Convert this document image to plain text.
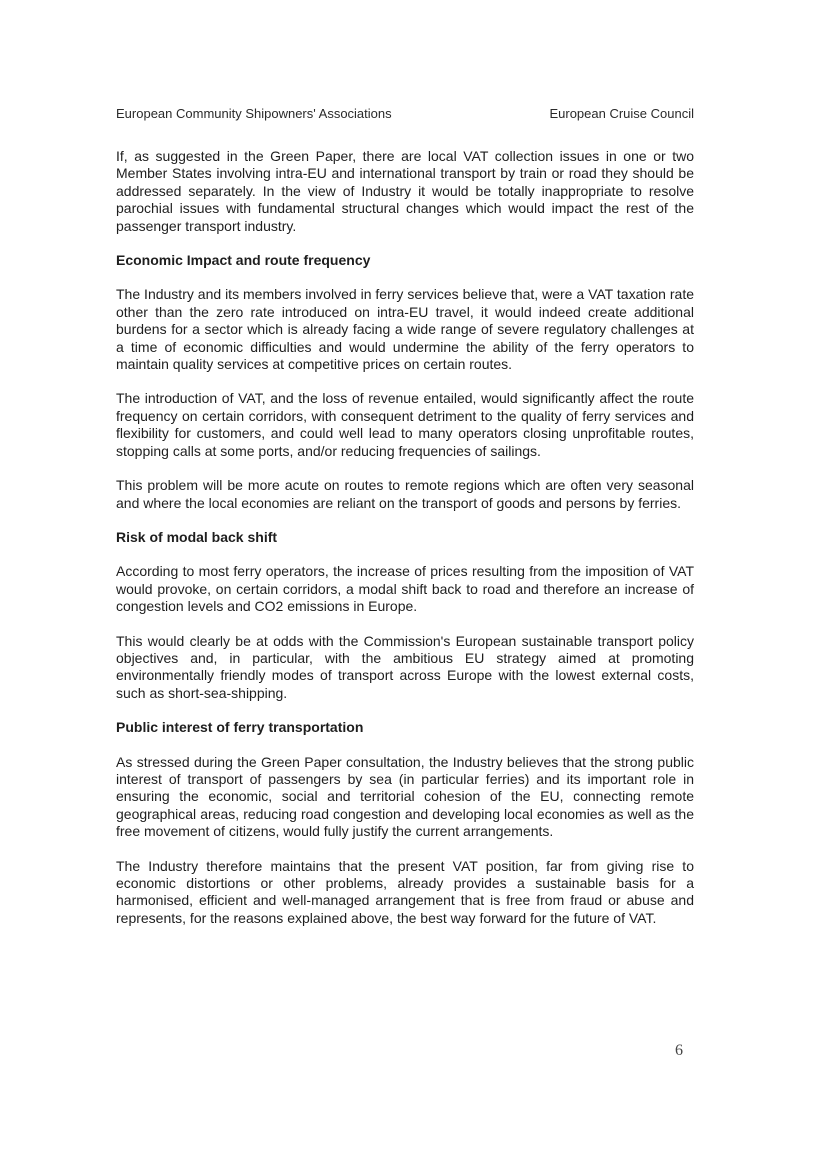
European Community Shipowners' Associations	European Cruise Council

If, as suggested in the Green Paper, there are local VAT collection issues in one or two Member States involving intra-EU and international transport by train or road they should be addressed separately. In the view of Industry it would be totally inappropriate to resolve parochial issues with fundamental structural changes which would impact the rest of the passenger transport industry.

Economic Impact and route frequency

The Industry and its members involved in ferry services believe that, were a VAT taxation rate other than the zero rate introduced on intra-EU travel, it would indeed create additional burdens for a sector which is already facing a wide range of severe regulatory challenges at a time of economic difficulties and would undermine the ability of the ferry operators to maintain quality services at competitive prices on certain routes.

The introduction of VAT, and the loss of revenue entailed, would significantly affect the route frequency on certain corridors, with consequent detriment to the quality of ferry services and flexibility for customers, and could well lead to many operators closing unprofitable routes, stopping calls at some ports, and/or reducing frequencies of sailings.

This problem will be more acute on routes to remote regions which are often very seasonal and where the local economies are reliant on the transport of goods and persons by ferries.

Risk of modal back shift

According to most ferry operators, the increase of prices resulting from the imposition of VAT would provoke, on certain corridors, a modal shift back to road and therefore an increase of congestion levels and CO2 emissions in Europe.

This would clearly be at odds with the Commission's European sustainable transport policy objectives and, in particular, with the ambitious EU strategy aimed at promoting environmentally friendly modes of transport across Europe with the lowest external costs, such as short-sea-shipping.

Public interest of ferry transportation

As stressed during the Green Paper consultation, the Industry believes that the strong public interest of transport of passengers by sea (in particular ferries) and its important role in ensuring the economic, social and territorial cohesion of the EU, connecting remote geographical areas, reducing road congestion and developing local economies as well as the free movement of citizens, would fully justify the current arrangements.

The Industry therefore maintains that the present VAT position, far from giving rise to economic distortions or other problems, already provides a sustainable basis for a harmonised, efficient and well-managed arrangement that is free from fraud or abuse and represents, for the reasons explained above, the best way forward for the future of VAT.

6
